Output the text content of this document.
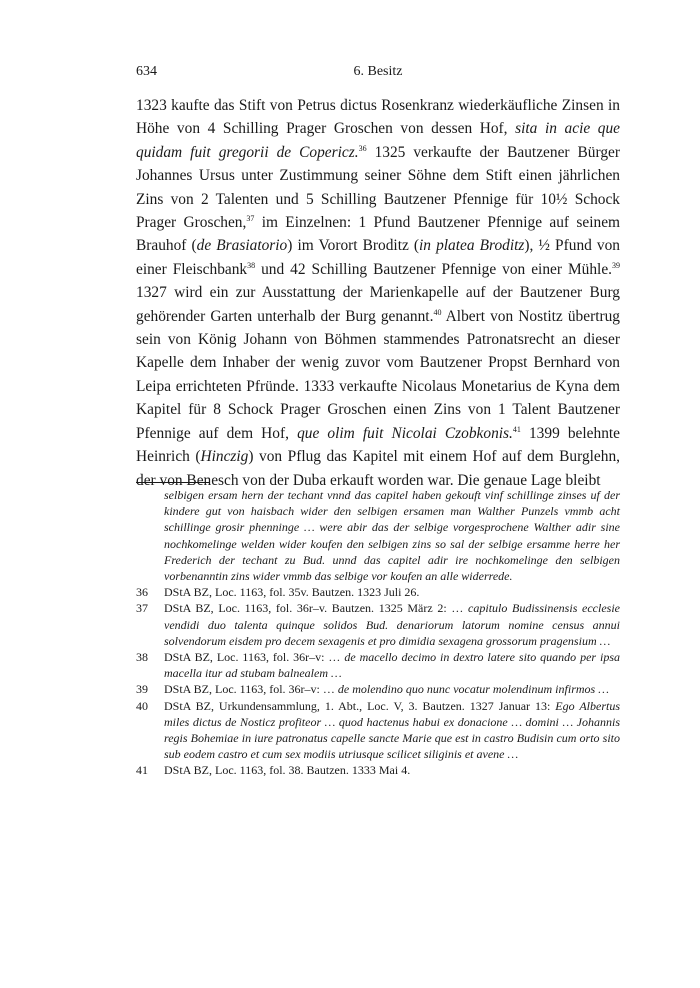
634	6. Besitz

1323 kaufte das Stift von Petrus dictus Rosenkranz wiederkäufliche Zinsen in Höhe von 4 Schilling Prager Groschen von dessen Hof, sita in acie que quidam fuit gregorii de Copericz.$^{36}$ 1325 verkaufte der Bautzener Bürger Johannes Ursus unter Zustimmung seiner Söhne dem Stift einen jährlichen Zins von 2 Talenten und 5 Schilling Bautzener Pfennige für 10½ Schock Prager Groschen,$^{37}$ im Einzelnen: 1 Pfund Bautzener Pfennige auf seinem Brauhof (de Brasiatorio) im Vorort Broditz (in platea Broditz), ½ Pfund von einer Fleischbank$^{38}$ und 42 Schilling Bautzener Pfennige von einer Mühle.$^{39}$ 1327 wird ein zur Ausstattung der Marienkapelle auf der Bautzener Burg gehörender Garten unterhalb der Burg genannt.$^{40}$ Albert von Nostitz übertrug sein von König Johann von Böhmen stammendes Patronatsrecht an dieser Kapelle dem Inhaber der wenig zuvor vom Bautzener Propst Bernhard von Leipa errichteten Pfründe. 1333 verkaufte Nicolaus Monetarius de Kyna dem Kapitel für 8 Schock Prager Groschen einen Zins von 1 Talent Bautzener Pfennige auf dem Hof, que olim fuit Nicolai Czobkonis.$^{41}$ 1399 belehnte Heinrich (Hinczig) von Pflug das Kapitel mit einem Hof auf dem Burglehn, der von Benesch von der Duba erkauft worden war. Die genaue Lage bleibt

selbigen ersam hern der techant vnnd das capitel haben gekouft vinf schillinge zinses uf der kindere gut von haisbach wider den selbigen ersamen man Walther Punzels vmmb acht schillinge grosir phenninge … were abir das der selbige vorgesprochene Walther adir sine nochkomelinge welden wider koufen den selbigen zins so sal der selbige ersamme herre her Frederich der techant zu Bud. unnd das capitel adir ire nochkomelinge den selbigen vorbenanntin zins wider vmmb das selbige vor koufen an alle widerrede.
36	DStA BZ, Loc. 1163, fol. 35v. Bautzen. 1323 Juli 26.
37	DStA BZ, Loc. 1163, fol. 36r–v. Bautzen. 1325 März 2: … capitulo Budissinensis ecclesie vendidi duo talenta quinque solidos Bud. denariorum latorum nomine census annui solvendorum eisdem pro decem sexagenis et pro dimidia sexagena grossorum pragensium …
38	DStA BZ, Loc. 1163, fol. 36r–v: … de macello decimo in dextro latere sito quando per ipsa macella itur ad stubam balnealem …
39	DStA BZ, Loc. 1163, fol. 36r–v: … de molendino quo nunc vocatur molendinum infirmos …
40	DStA BZ, Urkundensammlung, 1. Abt., Loc. V, 3. Bautzen. 1327 Januar 13: Ego Albertus miles dictus de Nosticz profiteor … quod hactenus habui ex donacione … domini … Johannis regis Bohemiae in iure patronatus capelle sancte Marie que est in castro Budisin cum orto sito sub eodem castro et cum sex modiis utriusque scilicet siliginis et avene …
41	DStA BZ, Loc. 1163, fol. 38. Bautzen. 1333 Mai 4.
